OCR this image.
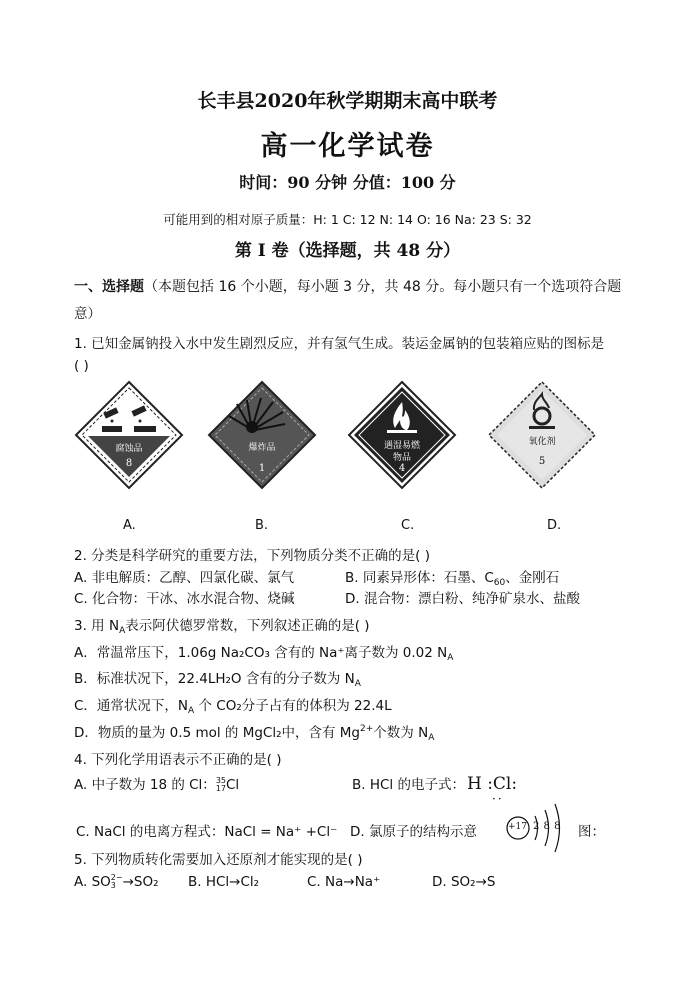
长丰县2020年秋学期期末高中联考
高一化学试卷
时间：90 分钟 分值：100 分
可能用到的相对原子质量：H: 1 C: 12 N: 14 O: 16 Na: 23 S: 32
第 I 卷（选择题，共 48 分）
一、选择题（本题包括 16 个小题，每小题 3 分，共 48 分。每小题只有一个选项符合题
意）
1. 已知金属钠投入水中发生剧烈反应，并有氢气生成。装运金属钠的包装箱应贴的图标是
( )
腐蚀品
8
爆炸品
1
遇湿易燃
物品
4
氧化剂
5
A.	B.	C.	D.
2. 分类是科学研究的重要方法，下列物质分类不正确的是( )
A. 非电解质：乙醇、四氯化碳、氯气	B. 同素异形体：石墨、$C_{60}$、金刚石
C. 化合物：干冰、冰水混合物、烧碱	D. 混合物：漂白粉、纯净矿泉水、盐酸
3. 用 $N_A$表示阿伏德罗常数，下列叙述正确的是( )
A．常温常压下，1.06g Na₂CO₃ 含有的 Na⁺离子数为 0.02 $N_A$
B．标准状况下，22.4LH₂O 含有的分子数为 $N_A$
C．通常状况下，$N_A$ 个 CO₂分子占有的体积为 22.4L
D．物质的量为 0.5 mol 的 MgCl₂中，含有 $Mg^{2+}$个数为 $N_A$
4. 下列化学用语表示不正确的是( )
A. 中子数为 18 的 Cl：35
17Cl	B. HCl 的电子式： H :Cl:
··
C. NaCl 的电离方程式：NaCl = Na⁺ +Cl⁻ D. 氯原子的结构示意	+17 2 8 8 图：
5. 下列物质转化需要加入还原剂才能实现的是( )
A. SO2−
3 →SO₂ B. HCl→Cl₂	C. Na→Na⁺	D. SO₂→S
